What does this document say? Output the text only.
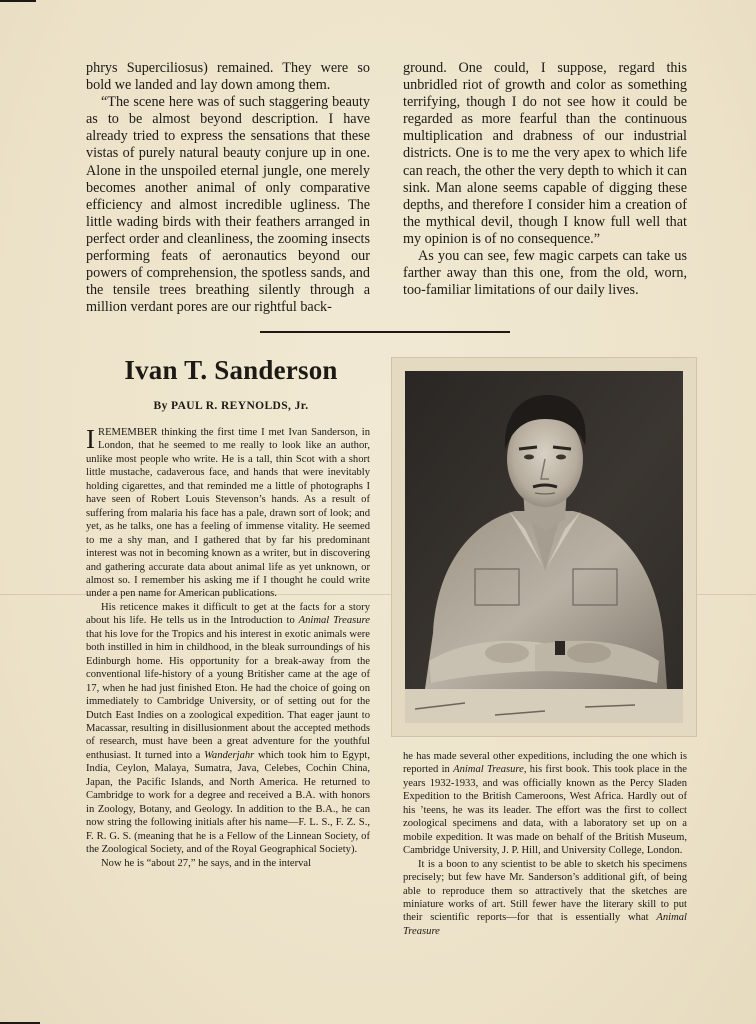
phrys Superciliosus) remained. They were so bold we landed and lay down among them.

“The scene here was of such staggering beauty as to be almost beyond description. I have already tried to express the sensations that these vistas of purely natural beauty conjure up in one. Alone in the unspoiled eternal jungle, one merely becomes another animal of only comparative efficiency and almost incredible ugliness. The little wading birds with their feathers arranged in perfect order and cleanliness, the zooming insects performing feats of aeronautics beyond our powers of comprehension, the spotless sands, and the tensile trees breathing silently through a million verdant pores are our rightful back-

ground. One could, I suppose, regard this unbridled riot of growth and color as something terrifying, though I do not see how it could be regarded as more fearful than the continuous multiplication and drabness of our industrial districts. One is to me the very apex to which life can reach, the other the very depth to which it can sink. Man alone seems capable of digging these depths, and therefore I consider him a creation of the mythical devil, though I know full well that my opinion is of no consequence.”

As you can see, few magic carpets can take us farther away than this one, from the old, worn, too-familiar limitations of our daily lives.

Ivan T. Sanderson
By PAUL R. REYNOLDS, Jr.

IREMEMBER thinking the first time I met Ivan Sanderson, in London, that he seemed to me really to look like an author, unlike most people who write. He is a tall, thin Scot with a short little mustache, cadaverous face, and hands that were inevitably holding cigarettes, and that reminded me a little of photographs I have seen of Robert Louis Stevenson’s hands. As a result of suffering from malaria his face has a pale, drawn sort of look; and yet, as he talks, one has a feeling of immense vitality. He seemed to me a shy man, and I gathered that by far his predominant interest was not in becoming known as a writer, but in discovering and gathering accurate data about animal life as yet unknown, or almost so. I remember his asking me if I thought he could write under a pen name for American publications.

His reticence makes it difficult to get at the facts for a story about his life. He tells us in the Introduction to Animal Treasure that his love for the Tropics and his interest in exotic animals were both instilled in him in childhood, in the bleak surroundings of his Edinburgh home. His opportunity for a break-away from the conventional life-history of a young Britisher came at the age of 17, when he had just finished Eton. He had the choice of going on immediately to Cambridge University, or of setting out for the Dutch East Indies on a zoological expedition. That eager jaunt to Macassar, resulting in disillusionment about the accepted methods of research, must have been a great adventure for the youthful enthusiast. It turned into a Wanderjahr which took him to Egypt, India, Ceylon, Malaya, Sumatra, Java, Celebes, Cochin China, Japan, the Pacific Islands, and North America. He returned to Cambridge to work for a degree and received a B.A. with honors in Zoology, Botany, and Geology. In addition to the B.A., he can now string the following initials after his name—F. L. S., F. Z. S., F. R. G. S. (meaning that he is a Fellow of the Linnean Society, of the Zoological Society, and of the Royal Geographical Society).

Now he is “about 27,” he says, and in the interval

he has made several other expeditions, including the one which is reported in Animal Treasure, his first book. This took place in the years 1932-1933, and was officially known as the Percy Sladen Expedition to the British Cameroons, West Africa. Hardly out of his ’teens, he was its leader. The effort was the first to collect zoological specimens and data, with a laboratory set up on a mobile expedition. It was made on behalf of the British Museum, Cambridge University, J. P. Hill, and University College, London.

It is a boon to any scientist to be able to sketch his specimens precisely; but few have Mr. Sanderson’s additional gift, of being able to reproduce them so attractively that the sketches are miniature works of art. Still fewer have the literary skill to put their scientific reports—for that is essentially what Animal Treasure
